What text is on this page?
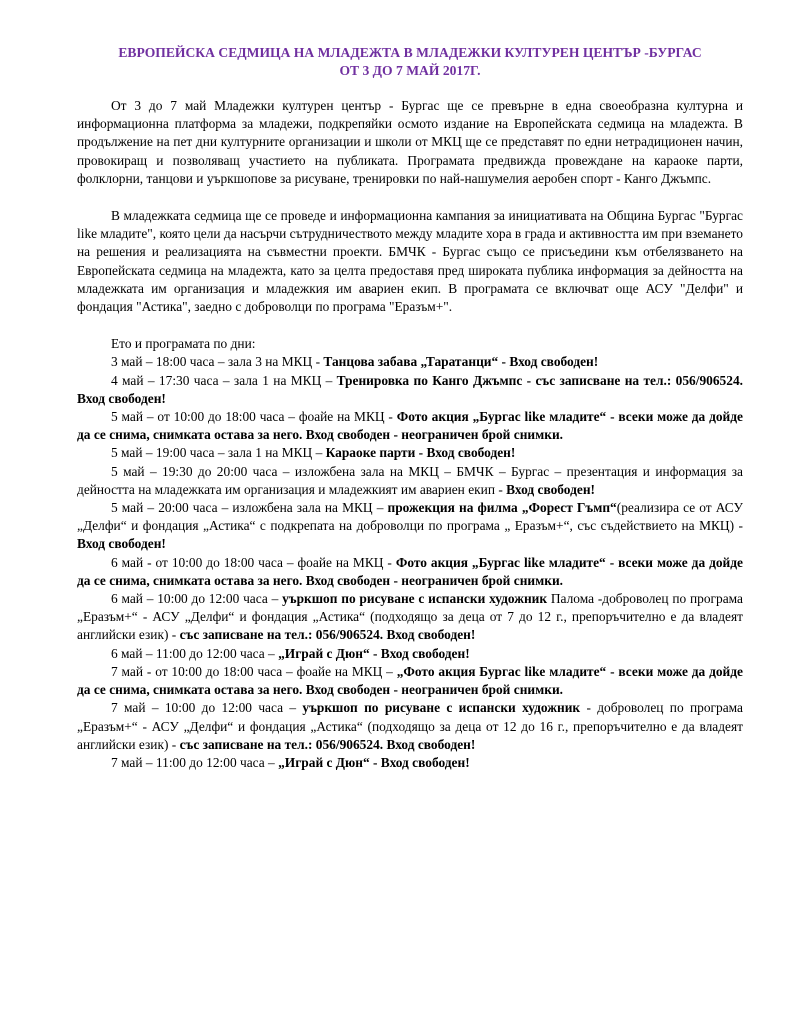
ЕВРОПЕЙСКА СЕДМИЦА НА МЛАДЕЖТА В МЛАДЕЖКИ КУЛТУРЕН ЦЕНТЪР -БУРГАС
ОТ 3 ДО 7 МАЙ 2017Г.

От 3 до 7 май Младежки културен център - Бургас ще се превърне в една своеобразна културна и информационна платформа за младежи, подкрепяйки осмото издание на Европейската седмица на младежта. В продължение на пет дни културните организации и школи от МКЦ ще се представят по едни нетрадиционен начин, провокиращ и позволяващ участието на публиката. Програмата предвижда провеждане на караоке парти, фолклорни, танцови и уъркшопове за рисуване, тренировки по най-нашумелия аеробен спорт - Канго Джъмпс.

В младежката седмица ще се проведе и информационна кампания за инициативата на Община Бургас "Бургас like младите", която цели да насърчи сътрудничеството между младите хора в града и активността им при вземането на решения и реализацията на съвместни проекти. БМЧК - Бургас също се присъедини към отбелязването на Европейската седмица на младежта, като за целта предоставя пред широката публика информация за дейността на младежката им организация и младежкия им авариен екип. В програмата се включват още АСУ "Делфи" и фондация "Астика", заедно с доброволци по програма "Еразъм+".

Ето и програмата по дни:

3 май – 18:00 часа – зала 3 на МКЦ - Танцова забава „Таратанци“ - Вход свободен!

4 май – 17:30 часа – зала 1 на МКЦ – Тренировка по Канго Джъмпс - със записване на тел.: 056/906524. Вход свободен!

5 май – от 10:00 до 18:00 часа – фоайе на МКЦ - Фото акция „Бургас like младите“ - всеки може да дойде да се снима, снимката остава за него. Вход свободен - неограничен брой снимки.

5 май – 19:00 часа – зала 1 на МКЦ – Караоке парти - Вход свободен!

5 май – 19:30 до 20:00 часа – изложбена зала на МКЦ – БМЧК – Бургас – презентация и информация за дейността на младежката им организация и младежкият им авариен екип - Вход свободен!

5 май – 20:00 часа – изложбена зала на МКЦ – прожекция на филма „Форест Гъмп“(реализира се от АСУ „Делфи“ и фондация „Астика“ с подкрепата на доброволци по програма „ Еразъм+“, със съдействието на МКЦ) - Вход свободен!

6 май - от 10:00 до 18:00 часа – фоайе на МКЦ - Фото акция „Бургас like младите“ - всеки може да дойде да се снима, снимката остава за него. Вход свободен - неограничен брой снимки.

6 май – 10:00 до 12:00 часа – уъркшоп по рисуване с испански художник Палома -доброволец по програма „Еразъм+“ - АСУ „Делфи“ и фондация „Астика“ (подходящо за деца от 7 до 12 г., препоръчително е да владеят английски език) - със записване на тел.: 056/906524. Вход свободен!

6 май – 11:00 до 12:00 часа – „Играй с Дюн“ - Вход свободен!

7 май - от 10:00 до 18:00 часа – фоайе на МКЦ – „Фото акция Бургас like младите“ - всеки може да дойде да се снима, снимката остава за него. Вход свободен - неограничен брой снимки.

7 май – 10:00 до 12:00 часа – уъркшоп по рисуване с испански художник - доброволец по програма „Еразъм+“ - АСУ „Делфи“ и фондация „Астика“ (подходящо за деца от 12 до 16 г., препоръчително е да владеят английски език) - със записване на тел.: 056/906524. Вход свободен!

7 май – 11:00 до 12:00 часа – „Играй с Дюн“ - Вход свободен!
